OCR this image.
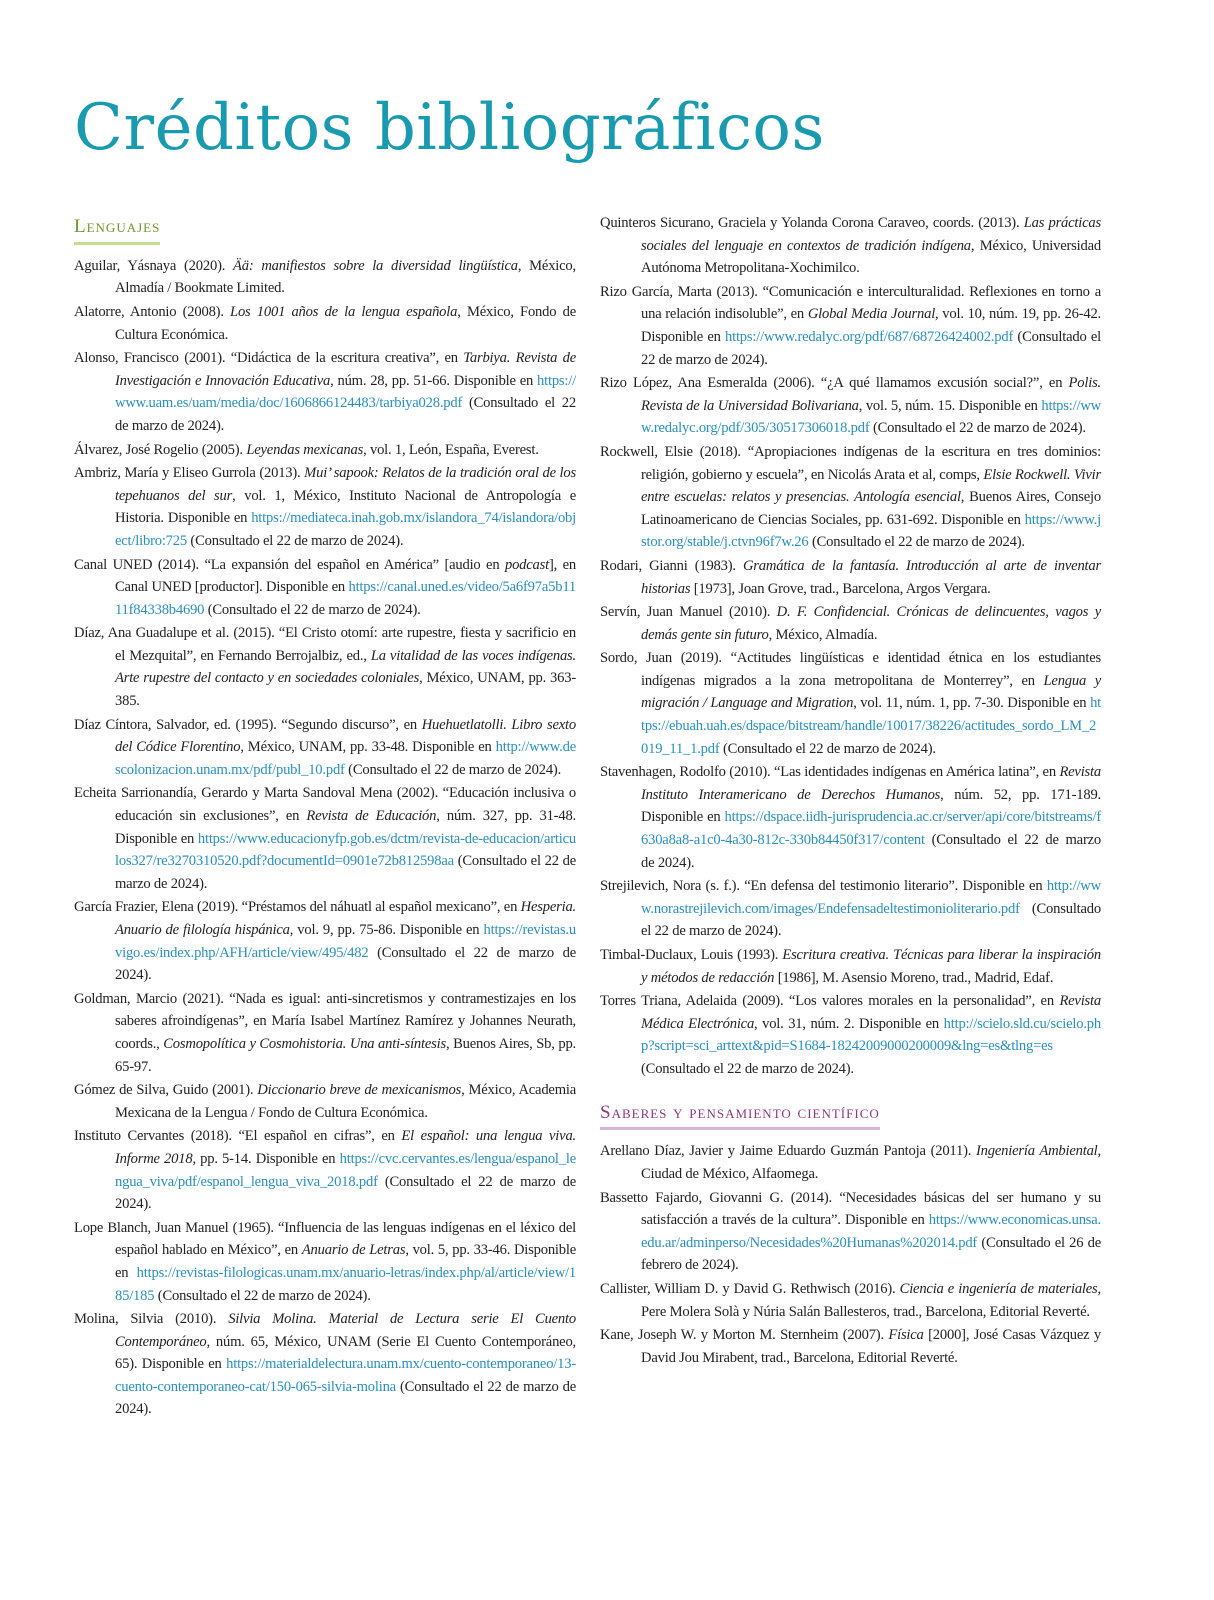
Créditos bibliográficos
Lenguajes

Aguilar, Yásnaya (2020). Ää: manifiestos sobre la diversidad lingüística, México, Almadía / Bookmate Limited.

Alatorre, Antonio (2008). Los 1001 años de la lengua española, México, Fondo de Cultura Económica.

Alonso, Francisco (2001). “Didáctica de la escritura creativa”, en Tarbiya. Revista de Investigación e Innovación Educativa, núm. 28, pp. 51-66. Disponible en https://www.uam.es/uam/media/doc/1606866124483/tarbiya028.pdf (Consultado el 22 de marzo de 2024).

Álvarez, José Rogelio (2005). Leyendas mexicanas, vol. 1, León, España, Everest.

Ambriz, María y Eliseo Gurrola (2013). Mui’ sapook: Relatos de la tradición oral de los tepehuanos del sur, vol. 1, México, Instituto Nacional de Antropología e Historia. Disponible en https://mediateca.inah.gob.mx/islandora_74/islandora/object/libro:725 (Consultado el 22 de marzo de 2024).

Canal UNED (2014). “La expansión del español en América” [audio en podcast], en Canal UNED [productor]. Disponible en https://canal.uned.es/video/5a6f97a5b1111f84338b4690 (Consultado el 22 de marzo de 2024).

Díaz, Ana Guadalupe et al. (2015). “El Cristo otomí: arte rupestre, fiesta y sacrificio en el Mezquital”, en Fernando Berrojalbiz, ed., La vitalidad de las voces indígenas. Arte rupestre del contacto y en sociedades coloniales, México, UNAM, pp. 363-385.

Díaz Cíntora, Salvador, ed. (1995). “Segundo discurso”, en Huehuetlatolli. Libro sexto del Códice Florentino, México, UNAM, pp. 33-48. Disponible en http://www.descolonizacion.unam.mx/pdf/publ_10.pdf (Consultado el 22 de marzo de 2024).

Echeita Sarrionandía, Gerardo y Marta Sandoval Mena (2002). “Educación inclusiva o educación sin exclusiones”, en Revista de Educación, núm. 327, pp. 31-48. Disponible en https://www.educacionyfp.gob.es/dctm/revista-de-educacion/articulos327/re3270310520.pdf?documentId=0901e72b812598aa (Consultado el 22 de marzo de 2024).

García Frazier, Elena (2019). “Préstamos del náhuatl al español mexicano”, en Hesperia. Anuario de filología hispánica, vol. 9, pp. 75-86. Disponible en https://revistas.uvigo.es/index.php/AFH/article/view/495/482 (Consultado el 22 de marzo de 2024).

Goldman, Marcio (2021). “Nada es igual: anti-sincretismos y contramestizajes en los saberes afroindígenas”, en María Isabel Martínez Ramírez y Johannes Neurath, coords., Cosmopolítica y Cosmohistoria. Una anti-síntesis, Buenos Aires, Sb, pp. 65-97.

Gómez de Silva, Guido (2001). Diccionario breve de mexicanismos, México, Academia Mexicana de la Lengua / Fondo de Cultura Económica.

Instituto Cervantes (2018). “El español en cifras”, en El español: una lengua viva. Informe 2018, pp. 5-14. Disponible en https://cvc.cervantes.es/lengua/espanol_lengua_viva/pdf/espanol_lengua_viva_2018.pdf (Consultado el 22 de marzo de 2024).

Lope Blanch, Juan Manuel (1965). “Influencia de las lenguas indígenas en el léxico del español hablado en México”, en Anuario de Letras, vol. 5, pp. 33-46. Disponible en https://revistas-filologicas.unam.mx/anuario-letras/index.php/al/article/view/185/185 (Consultado el 22 de marzo de 2024).

Molina, Silvia (2010). Silvia Molina. Material de Lectura serie El Cuento Contemporáneo, núm. 65, México, UNAM (Serie El Cuento Contemporáneo, 65). Disponible en https://materialdelectura.unam.mx/cuento-contemporaneo/13-cuento-contemporaneo-cat/150-065-silvia-molina (Consultado el 22 de marzo de 2024).

Quinteros Sicurano, Graciela y Yolanda Corona Caraveo, coords. (2013). Las prácticas sociales del lenguaje en contextos de tradición indígena, México, Universidad Autónoma Metropolitana-Xochimilco.

Rizo García, Marta (2013). “Comunicación e interculturalidad. Reflexiones en torno a una relación indisoluble”, en Global Media Journal, vol. 10, núm. 19, pp. 26-42. Disponible en https://www.redalyc.org/pdf/687/68726424002.pdf (Consultado el 22 de marzo de 2024).

Rizo López, Ana Esmeralda (2006). “¿A qué llamamos excusión social?”, en Polis. Revista de la Universidad Bolivariana, vol. 5, núm. 15. Disponible en https://www.redalyc.org/pdf/305/30517306018.pdf (Consultado el 22 de marzo de 2024).

Rockwell, Elsie (2018). “Apropiaciones indígenas de la escritura en tres dominios: religión, gobierno y escuela”, en Nicolás Arata et al, comps, Elsie Rockwell. Vivir entre escuelas: relatos y presencias. Antología esencial, Buenos Aires, Consejo Latinoamericano de Ciencias Sociales, pp. 631-692. Disponible en https://www.jstor.org/stable/j.ctvn96f7w.26 (Consultado el 22 de marzo de 2024).

Rodari, Gianni (1983). Gramática de la fantasía. Introducción al arte de inventar historias [1973], Joan Grove, trad., Barcelona, Argos Vergara.

Servín, Juan Manuel (2010). D. F. Confidencial. Crónicas de delincuentes, vagos y demás gente sin futuro, México, Almadía.

Sordo, Juan (2019). “Actitudes lingüísticas e identidad étnica en los estudiantes indígenas migrados a la zona metropolitana de Monterrey”, en Lengua y migración / Language and Migration, vol. 11, núm. 1, pp. 7-30. Disponible en https://ebuah.uah.es/dspace/bitstream/handle/10017/38226/actitudes_sordo_LM_2019_11_1.pdf (Consultado el 22 de marzo de 2024).

Stavenhagen, Rodolfo (2010). “Las identidades indígenas en América latina”, en Revista Instituto Interamericano de Derechos Humanos, núm. 52, pp. 171-189. Disponible en https://dspace.iidh-jurisprudencia.ac.cr/server/api/core/bitstreams/f630a8a8-a1c0-4a30-812c-330b84450f317/content (Consultado el 22 de marzo de 2024).

Strejilevich, Nora (s. f.). “En defensa del testimonio literario”. Disponible en http://www.norastrejilevich.com/images/Endefensadeltestimonioliterario.pdf (Consultado el 22 de marzo de 2024).

Timbal-Duclaux, Louis (1993). Escritura creativa. Técnicas para liberar la inspiración y métodos de redacción [1986], M. Asensio Moreno, trad., Madrid, Edaf.

Torres Triana, Adelaida (2009). “Los valores morales en la personalidad”, en Revista Médica Electrónica, vol. 31, núm. 2. Disponible en http://scielo.sld.cu/scielo.php?script=sci_arttext&pid=S1684-18242009000200009&lng=es&tlng=es (Consultado el 22 de marzo de 2024).

Saberes y pensamiento científico

Arellano Díaz, Javier y Jaime Eduardo Guzmán Pantoja (2011). Ingeniería Ambiental, Ciudad de México, Alfaomega.

Bassetto Fajardo, Giovanni G. (2014). “Necesidades básicas del ser humano y su satisfacción a través de la cultura”. Disponible en https://www.economicas.unsa.edu.ar/adminperso/Necesidades%20Humanas%202014.pdf (Consultado el 26 de febrero de 2024).

Callister, William D. y David G. Rethwisch (2016). Ciencia e ingeniería de materiales, Pere Molera Solà y Núria Salán Ballesteros, trad., Barcelona, Editorial Reverté.

Kane, Joseph W. y Morton M. Sternheim (2007). Física [2000], José Casas Vázquez y David Jou Mirabent, trad., Barcelona, Editorial Reverté.
